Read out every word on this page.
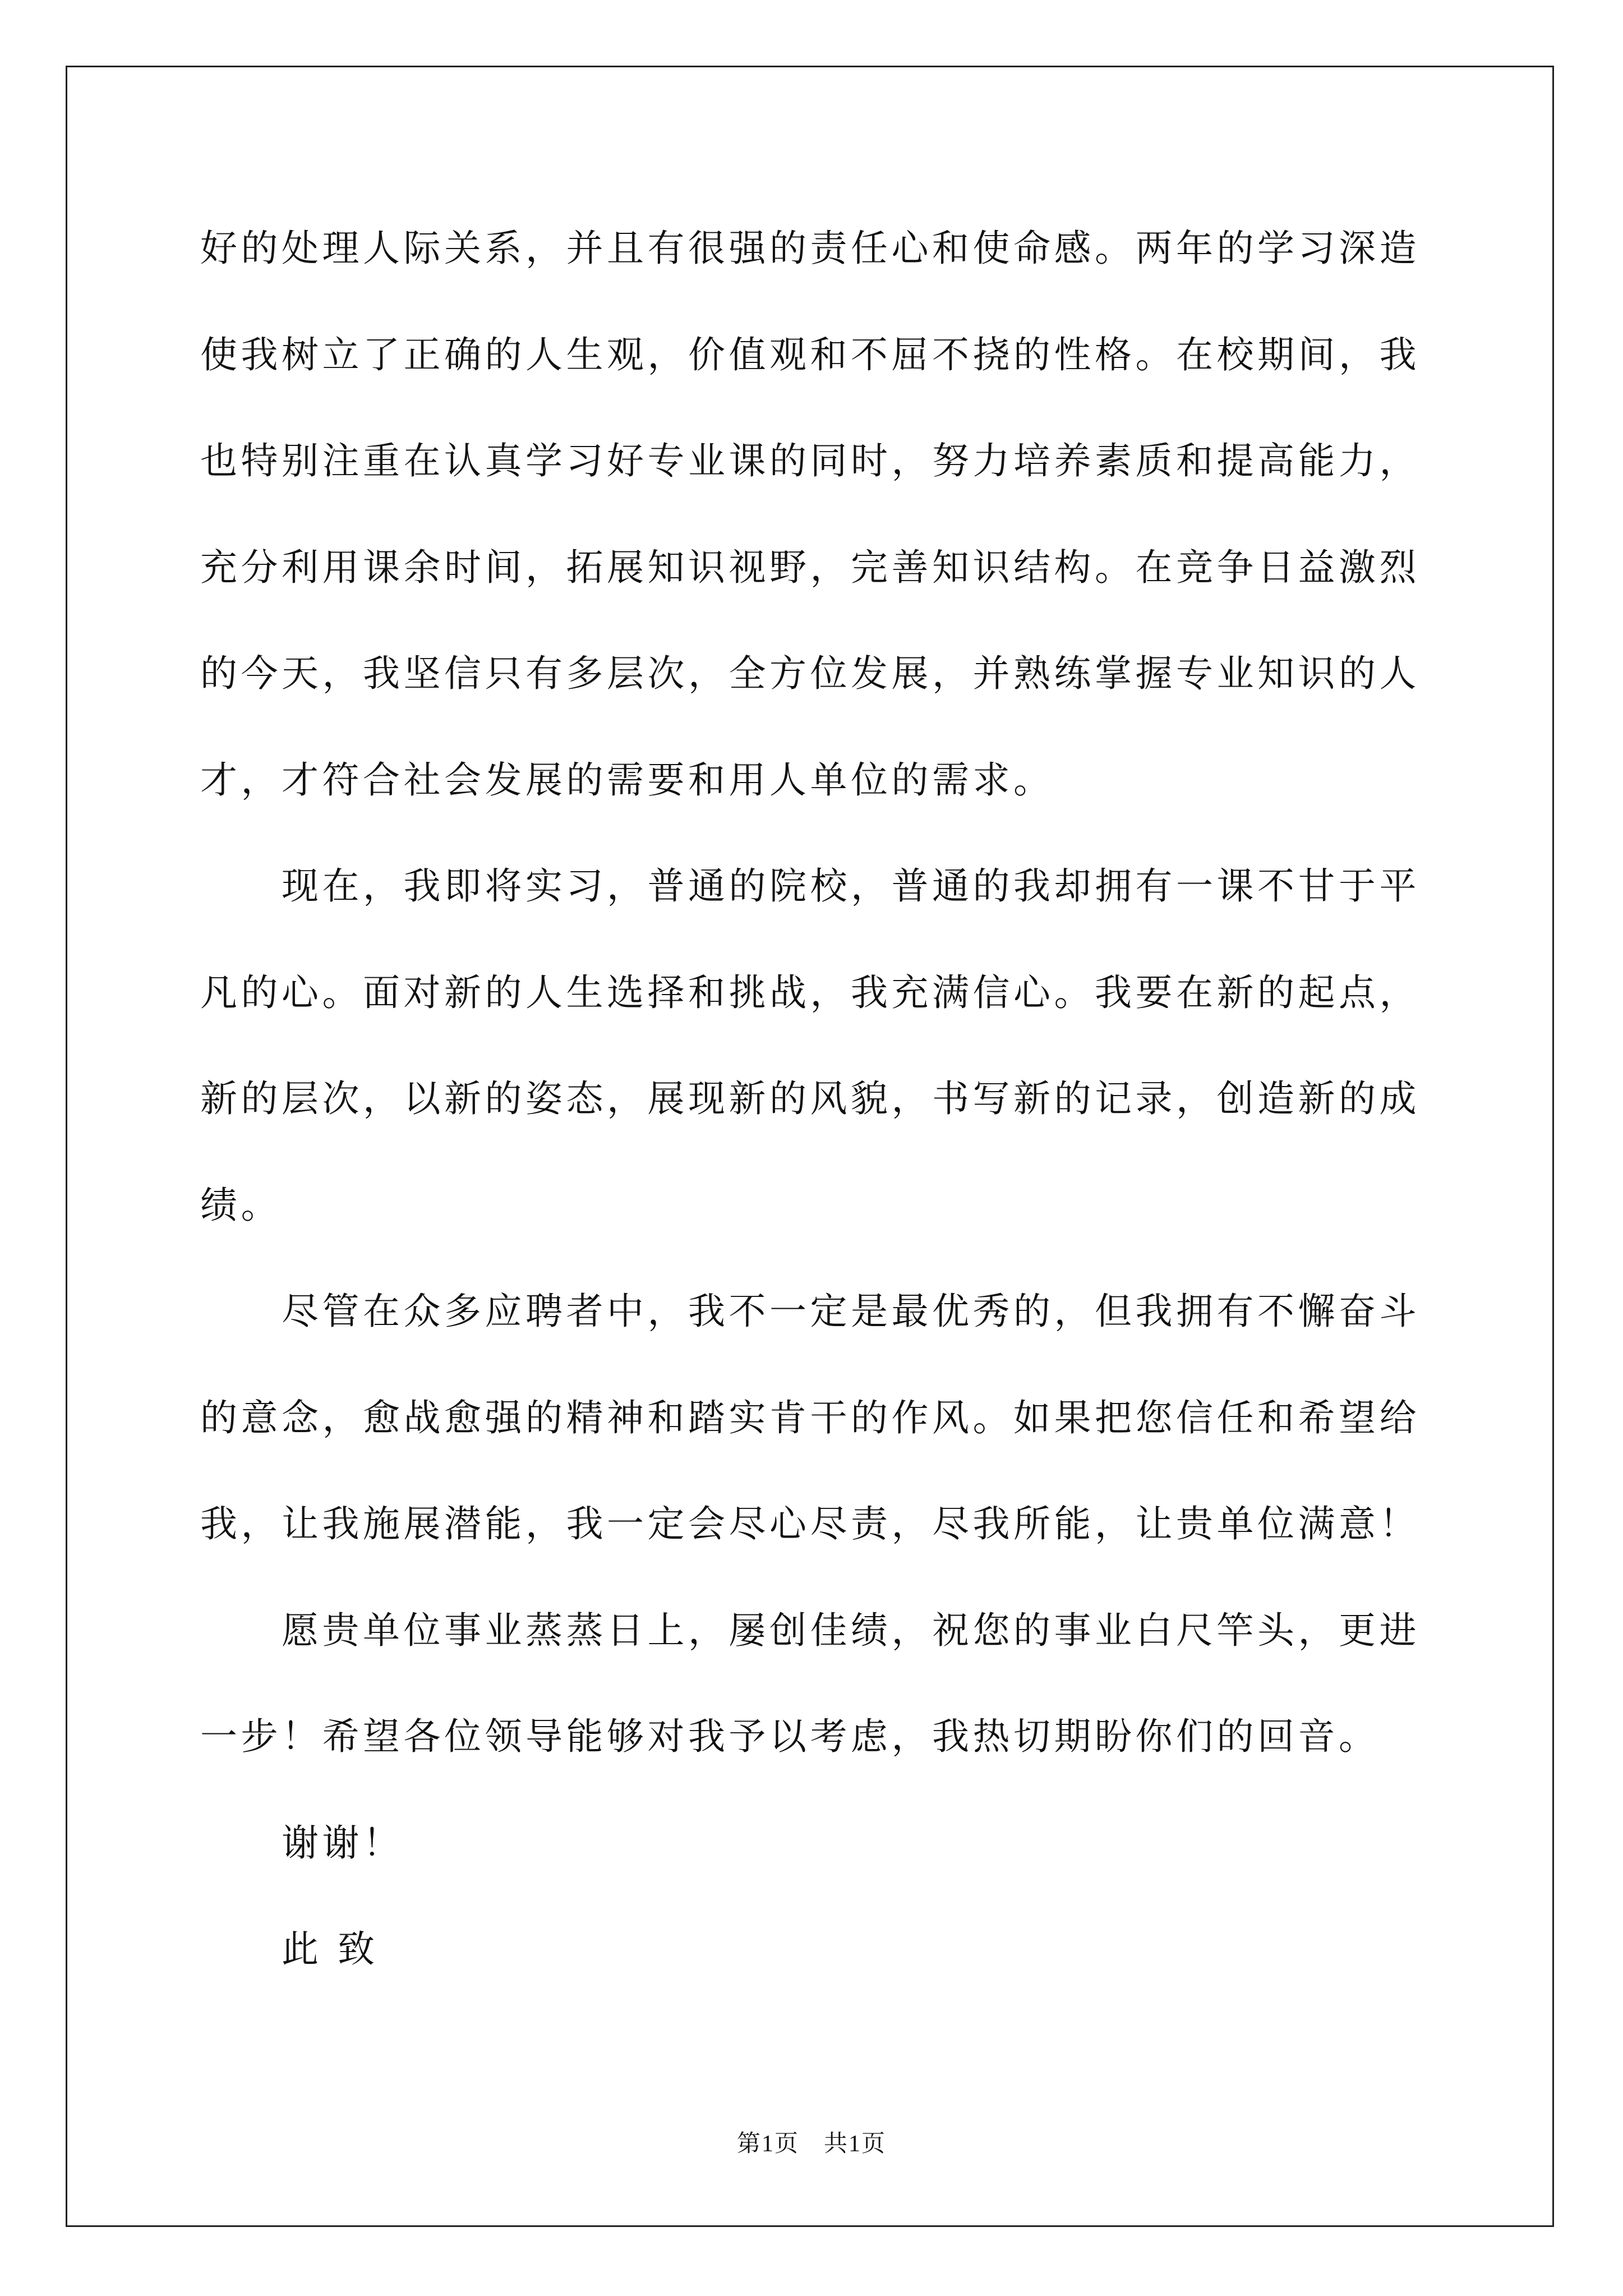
好的处理人际关系，并且有很强的责任心和使命感。两年的学习深造
使我树立了正确的人生观，价值观和不屈不挠的性格。在校期间，我
也特别注重在认真学习好专业课的同时，努力培养素质和提高能力，
充分利用课余时间，拓展知识视野，完善知识结构。在竞争日益激烈
的今天，我坚信只有多层次，全方位发展，并熟练掌握专业知识的人
才，才符合社会发展的需要和用人单位的需求。
现在，我即将实习，普通的院校，普通的我却拥有一课不甘于平
凡的心。面对新的人生选择和挑战，我充满信心。我要在新的起点，
新的层次，以新的姿态，展现新的风貌，书写新的记录，创造新的成
绩。
尽管在众多应聘者中，我不一定是最优秀的，但我拥有不懈奋斗
的意念，愈战愈强的精神和踏实肯干的作风。如果把您信任和希望给
我，让我施展潜能，我一定会尽心尽责，尽我所能，让贵单位满意！
愿贵单位事业蒸蒸日上，屡创佳绩，祝您的事业白尺竿头，更进
一步！希望各位领导能够对我予以考虑，我热切期盼你们的回音。
谢谢！
此 致
第1页　共1页
